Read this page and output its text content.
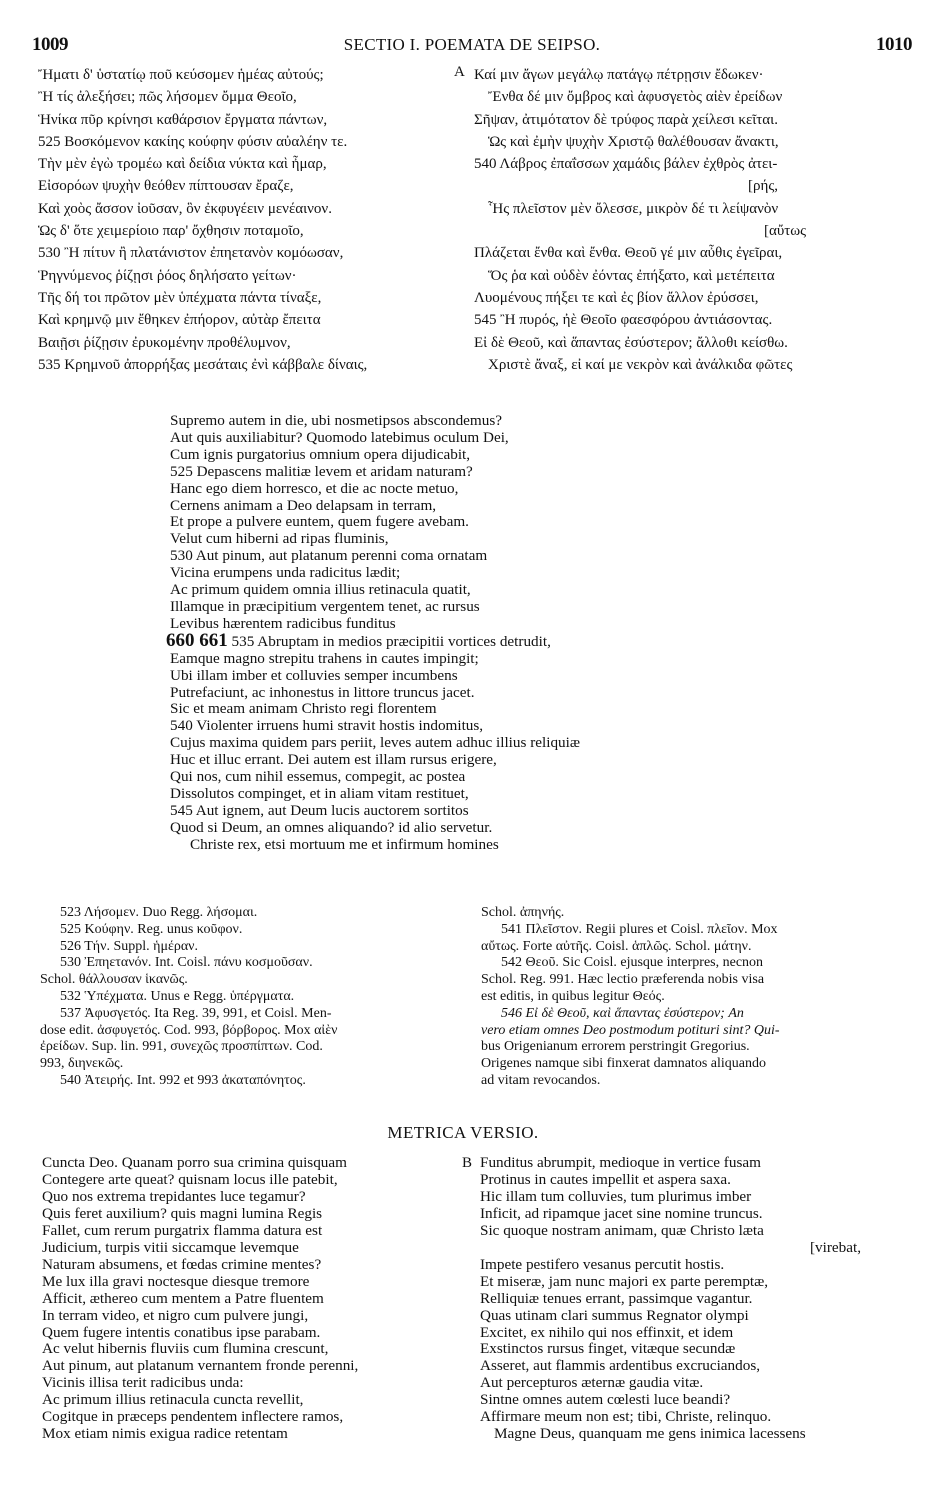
1009	SECTIO I. POEMATA DE SEIPSO.	1010
Ἤματι δ' ὑστατίῳ ποῦ κεύσομεν ἡμέας αὐτούς;
Ἢ τίς ἀλεξήσει; πῶς λήσομεν ὄμμα Θεοῖο,
Ἡνίκα πῦρ κρίνησι καθάρσιον ἔργματα πάντων,
525 Βοσκόμενον κακίης κούφην φύσιν αὐαλέην τε.
Τὴν μὲν ἐγὼ τρομέω καὶ δείδια νύκτα καὶ ἦμαρ,
Εἰσορόων ψυχὴν θεόθεν πίπτουσαν ἔραζε,
Καὶ χοὸς ἄσσον ἰοῦσαν, ὃν ἐκφυγέειν μενέαινον.
Ὡς δ' ὅτε χειμερίοιο παρ' ὄχθησιν ποταμοῖο,
530 Ἢ πίτυν ἢ πλατάνιστον ἐπηετανὸν κομόωσαν,
Ῥηγνύμενος ῥίζῃσι ῥόος δηλήσατο γείτων·
Τῆς δή τοι πρῶτον μὲν ὑπέχματα πάντα τίναξε,
Καὶ κρημνῷ μιν ἔθηκεν ἐπήορον, αὐτὰρ ἔπειτα
Βαιῇσι ῥίζῃσιν ἐρυκομένην προθέλυμνον,
535 Κρημνοῦ ἀπορρήξας μεσάταις ἐνὶ κάββαλε δίναις,
A Καί μιν ἄγων μεγάλῳ πατάγῳ πέτρῃσιν ἔδωκεν·
Ἔνθα δέ μιν ὄμβρος καὶ ἀφυσγετὸς αἰὲν ἐρείδων
Σῆψαν, ἀτιμότατον δὲ τρύφος παρὰ χείλεσι κεῖται.
Ὡς καὶ ἐμὴν ψυχὴν Χριστῷ θαλέθουσαν ἄνακτι,
540 Λάβρος ἐπαΐσσων χαμάδις βάλεν ἐχθρὸς ἀτει-
[ρής,
Ἧς πλεῖστον μὲν ὄλεσσε, μικρὸν δέ τι λείψανὸν
[αὔτως
Πλάζεται ἔνθα καὶ ἔνθα. Θεοῦ γέ μιν αὖθις ἐγεῖραι,
Ὅς ῥα καὶ οὐδὲν ἐόντας ἐπήξατο, καὶ μετέπειτα
Λυομένους πήξει τε καὶ ἐς βίον ἄλλον ἐρύσσει,
545 Ἢ πυρός, ἠὲ Θεοῖο φαεσφόρου ἀντιάσοντας.
Εἰ δὲ Θεοῦ, καὶ ἅπαντας ἐσύστερον; ἄλλοθι κείσθω.
Χριστὲ ἄναξ, εἰ καί με νεκρὸν καὶ ἀνάλκιδα φῶτες
Supremo autem in die, ubi nosmetipsos abscondemus?
Aut quis auxiliabitur? Quomodo latebimus oculum Dei,
Cum ignis purgatorius omnium opera dijudicabit,
525 Depascens malitiæ levem et aridam naturam?
Hanc ego diem horresco, et die ac nocte metuo,
Cernens animam a Deo delapsam in terram,
Et prope a pulvere euntem, quem fugere avebam.
Velut cum hiberni ad ripas fluminis,
530 Aut pinum, aut platanum perenni coma ornatam
Vicina erumpens unda radicitus lædit;
Ac primum quidem omnia illius retinacula quatit,
Illamque in præcipitium vergentem tenet, ac rursus
Levibus hærentem radicibus funditus
660 661 535 Abruptam in medios præcipitii vortices detrudit,
Eamque magno strepitu trahens in cautes impingit;
Ubi illam imber et colluvies semper incumbens
Putrefaciunt, ac inhonestus in littore truncus jacet.
Sic et meam animam Christo regi florentem
540 Violenter irruens humi stravit hostis indomitus,
Cujus maxima quidem pars periit, leves autem adhuc illius reliquiæ
Huc et illuc errant. Dei autem est illam rursus erigere,
Qui nos, cum nihil essemus, compegit, ac postea
Dissolutos compinget, et in aliam vitam restituet,
545 Aut ignem, aut Deum lucis auctorem sortitos
Quod si Deum, an omnes aliquando? id alio servetur.
Christe rex, etsi mortuum me et infirmum homines
523 Λήσομεν. Duo Regg. λήσομαι.
525 Κούφην. Reg. unus κοῦφον.
526 Τήν. Suppl. ἡμέραν.
530 Ἐπηετανόν. Int. Coisl. πάνυ κοσμοῦσαν.
Schol. θάλλουσαν ἱκανῶς.
532 Ὑπέχματα. Unus e Regg. ὑπέργματα.
537 Ἀφυσγετός. Ita Reg. 39, 991, et Coisl. Men-
dose edit. ἀσφυγετός. Cod. 993, βόρβορος. Mox αἰὲν
ἐρείδων. Sup. lin. 991, συνεχῶς προσπίπτων. Cod.
993, διηνεκῶς.
540 Ἀτειρής. Int. 992 et 993 ἀκαταπόνητος.
Schol. ἀπηνής.
541 Πλεῖστον. Regii plures et Coisl. πλεῖον. Mox
αὔτως. Forte αὐτῆς. Coisl. ἁπλῶς. Schol. μάτην.
542 Θεοῦ. Sic Coisl. ejusque interpres, necnon
Schol. Reg. 991. Hæc lectio præferenda nobis visa
est editis, in quibus legitur Θεός.
546 Εἰ δὲ Θεοῦ, καὶ ἅπαντας ἐσύστερον; An
vero etiam omnes Deo postmodum potituri sint? Qui-
bus Origenianum errorem perstringit Gregorius.
Origenes namque sibi finxerat damnatos aliquando
ad vitam revocandos.
METRICA VERSIO.
Cuncta Deo. Quanam porro sua crimina quisquam
Contegere arte queat? quisnam locus ille patebit,
Quo nos extrema trepidantes luce tegamur?
Quis feret auxilium? quis magni lumina Regis
Fallet, cum rerum purgatrix flamma datura est
Judicium, turpis vitii siccamque levemque
Naturam absumens, et fœdas crimine mentes?
Me lux illa gravi noctesque diesque tremore
Afficit, æthereo cum mentem a Patre fluentem
In terram video, et nigro cum pulvere jungi,
Quem fugere intentis conatibus ipse parabam.
Ac velut hibernis fluviis cum flumina crescunt,
Aut pinum, aut platanum vernantem fronde perenni,
Vicinis illisa terit radicibus unda:
Ac primum illius retinacula cuncta revellit,
Cogitque in præceps pendentem inflectere ramos,
Mox etiam nimis exigua radice retentam
B Funditus abrumpit, medioque in vertice fusam
Protinus in cautes impellit et aspera saxa.
Hic illam tum colluvies, tum plurimus imber
Inficit, ad ripamque jacet sine nomine truncus.
Sic quoque nostram animam, quæ Christo læta
[virebat,
Impete pestifero vesanus percutit hostis.
Et miseræ, jam nunc majori ex parte peremptæ,
Relliquiæ tenues errant, passimque vagantur.
Quas utinam clari summus Regnator olympi
Excitet, ex nihilo qui nos effinxit, et idem
Exstinctos rursus finget, vitæque secundæ
Asseret, aut flammis ardentibus excruciandos,
Aut percepturos æternæ gaudia vitæ.
Sintne omnes autem cœlesti luce beandi?
Affirmare meum non est; tibi, Christe, relinquo.
Magne Deus, quanquam me gens inimica lacessens
